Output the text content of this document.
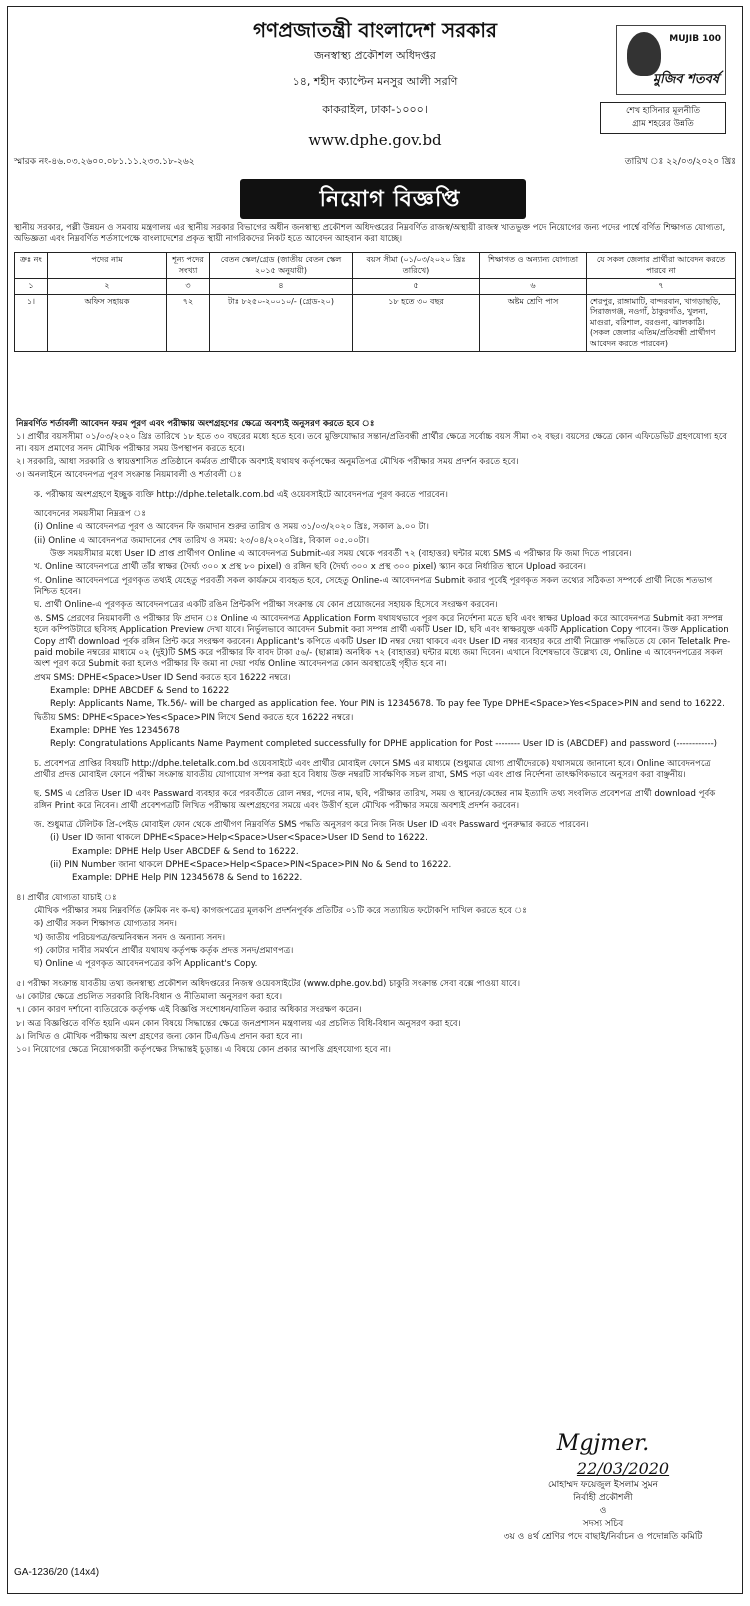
গণপ্রজাতন্ত্রী বাংলাদেশ সরকার
জনস্বাস্থ্য প্রকৌশল অধিদপ্তর
১৪, শহীদ ক্যাপ্টেন মনসুর আলী সরণি
কাকরাইল, ঢাকা-১০০০।
www.dphe.gov.bd
MUJIB 100
মুজিব শতবর্ষ
শেখ হাসিনার মূলনীতি
গ্রাম শহরের উন্নতি
স্মারক নং-৪৬.০৩.২৬০০.০৮১.১১.২৩৩.১৮-২৬২	তারিখ ঃ ২২/০৩/২০২০ খ্রিঃ
নিয়োগ বিজ্ঞপ্তি
স্থানীয় সরকার, পল্লী উন্নয়ন ও সমবায় মন্ত্রণালয় এর স্থানীয় সরকার বিভাগের অধীন জনস্বাস্থ্য প্রকৌশল অধিদপ্তরের নিম্নবর্ণিত রাজস্ব/অস্থায়ী রাজস্ব খাতভুক্ত পদে নিয়োগের জন্য পদের পার্শ্বে বর্ণিত শিক্ষাগত যোগ্যতা, অভিজ্ঞতা এবং নিম্নবর্ণিত শর্তসাপেক্ষে বাংলাদেশের প্রকৃত স্থায়ী নাগরিকদের নিকট হতে আবেদন আহবান করা যাচ্ছে।
ক্রঃ নং	পদের নাম	শূন্য পদের সংখ্যা	বেতন স্কেল/গ্রেড (জাতীয় বেতন স্কেল ২০১৫ অনুযায়ী)	বয়স সীমা (০১/০৩/২০২০ খ্রিঃ তারিখে)	শিক্ষাগত ও অন্যান্য যোগ্যতা	যে সকল জেলার প্রার্থীরা আবেদন করতে পারবে না
১	২	৩	৪	৫	৬	৭
১।	অফিস সহায়ক	৭২	টাঃ ৮২৫০-২০০১০/- (গ্রেড-২০)	১৮ হতে ৩০ বছর	অষ্টম শ্রেণি পাস	শেরপুর, রাঙ্গামাটি, বান্দরবান, খাগড়াছড়ি, সিরাজগঞ্জ, নওগাঁ, ঠাকুরগাঁও, খুলনা, মাগুরা, বরিশাল, বরগুনা, ঝালকাঠি।
(সকল জেলার এতিম/প্রতিবন্ধী প্রার্থীগণ আবেদন করতে পারবেন)

নিম্নবর্ণিত শর্তাবলী আবেদন ফরম পূরণ এবং পরীক্ষায় অংশগ্রহণের ক্ষেত্রে অবশ্যই অনুসরণ করতে হবে ঃ

১। প্রার্থীর বয়সসীমা ০১/০৩/২০২০ খ্রিঃ তারিখে ১৮ হতে ৩০ বছরের মধ্যে হতে হবে। তবে মুক্তিযোদ্ধার সন্তান/প্রতিবন্ধী প্রার্থীর ক্ষেত্রে সর্বোচ্চ বয়স সীমা ৩২ বছর। বয়সের ক্ষেত্রে কোন এফিডেভিট গ্রহণযোগ্য হবে না। বয়স প্রমাণের সনদ মৌখিক পরীক্ষার সময় উপস্থাপন করতে হবে।

২। সরকারি, আধা সরকারি ও স্বায়ত্তশাসিত প্রতিষ্ঠানে কর্মরত প্রার্থীকে অবশ্যই যথাযথ কর্তৃপক্ষের অনুমতিপত্র মৌখিক পরীক্ষার সময় প্রদর্শন করতে হবে।

৩। অনলাইনে আবেদনপত্র পূরণ সংক্রান্ত নিয়মাবলী ও শর্তাবলী ঃ

ক. পরীক্ষায় অংশগ্রহণে ইচ্ছুক ব্যক্তি http://dphe.teletalk.com.bd এই ওয়েবসাইটে আবেদনপত্র পূরণ করতে পারবেন।

আবেদনের সময়সীমা নিম্নরূপ ঃ

(i) Online এ আবেদনপত্র পূরণ ও আবেদন ফি জমাদান শুরুর তারিখ ও সময় ৩১/০৩/২০২০ খ্রিঃ, সকাল ৯.০০ টা।

(ii) Online এ আবেদনপত্র জমাদানের শেষ তারিখ ও সময়: ২৩/০৪/২০২০খ্রিঃ, বিকাল ০৫.০০টা।

উক্ত সময়সীমার মধ্যে User ID প্রাপ্ত প্রার্থীগণ Online এ আবেদনপত্র Submit-এর সময় থেকে পরবর্তী ৭২ (বাহাত্তর) ঘন্টার মধ্যে SMS এ পরীক্ষার ফি জমা দিতে পারবেন।

খ. Online আবেদনপত্রে প্রার্থী তাঁর স্বাক্ষর (দৈর্ঘ্য ৩০০ x প্রস্থ ৮০ pixel) ও রঙ্গিন ছবি (দৈর্ঘ্য ৩০০ x প্রস্থ ৩০০ pixel) স্ক্যান করে নির্ধারিত স্থানে Upload করবেন।

গ. Online আবেদনপত্রে পূরণকৃত তথ্যই যেহেতু পরবর্তী সকল কার্যক্রমে ব্যবহৃত হবে, সেহেতু Online-এ আবেদনপত্র Submit করার পূর্বেই পূরণকৃত সকল তথ্যের সঠিকতা সম্পর্কে প্রার্থী নিজে শতভাগ নিশ্চিত হবেন।

ঘ. প্রার্থী Online-এ পূরণকৃত আবেদনপত্রের একটি রঙিন প্রিন্টকপি পরীক্ষা সংক্রান্ত যে কোন প্রয়োজনের সহায়ক হিসেবে সংরক্ষণ করবেন।

ঙ. SMS প্রেরণের নিয়মাবলী ও পরীক্ষার ফি প্রদান ঃ Online এ আবেদনপত্র Application Form যথাযথভাবে পূরণ করে নির্দেশনা মতে ছবি এবং স্বাক্ষর Upload করে আবেদনপত্র Submit করা সম্পন্ন হলে কম্পিউটারে ছবিসহ Application Preview দেখা যাবে। নির্ভুলভাবে আবেদন Submit করা সম্পন্ন প্রার্থী একটি User ID, ছবি এবং স্বাক্ষরযুক্ত একটি Application Copy পাবেন। উক্ত Application Copy প্রার্থী download পূর্বক রঙ্গিন প্রিন্ট করে সংরক্ষণ করবেন। Applicant's কপিতে একটি User ID নম্বর দেয়া থাকবে এবং User ID নম্বর ব্যবহার করে প্রার্থী নিম্নোক্ত পদ্ধতিতে যে কোন Teletalk Pre-paid mobile নম্বরের মাধ্যমে ০২ (দুই)টি SMS করে পরীক্ষার ফি বাবদ টাকা ৫৬/- (ছাপ্পান্ন) অনধিক ৭২ (বাহাত্তর) ঘন্টার মধ্যে জমা দিবেন। এখানে বিশেষভাবে উল্লেখ্য যে, Online এ আবেদনপত্রের সকল অংশ পূরণ করে Submit করা হলেও পরীক্ষার ফি জমা না দেয়া পর্যন্ত Online আবেদনপত্র কোন অবস্থাতেই গৃহীত হবে না।

প্রথম SMS: DPHE<Space>User ID Send করতে হবে 16222 নম্বরে।

Example: DPHE ABCDEF & Send to 16222

Reply: Applicants Name, Tk.56/- will be charged as application fee. Your PIN is 12345678. To pay fee Type DPHE<Space>Yes<Space>PIN and send to 16222.

দ্বিতীয় SMS: DPHE<Space>Yes<Space>PIN লিখে Send করতে হবে 16222 নম্বরে।

Example: DPHE Yes 12345678

Reply: Congratulations Applicants Name Payment completed successfully for DPHE application for Post -------- User ID is (ABCDEF) and password (------------)

চ. প্রবেশপত্র প্রাপ্তির বিষয়টি http://dphe.teletalk.com.bd ওয়েবসাইটে এবং প্রার্থীর মোবাইল ফোনে SMS এর মাধ্যমে (শুধুমাত্র যোগ্য প্রার্থীদেরকে) যথাসময়ে জানানো হবে। Online আবেদনপত্রে প্রার্থীর প্রদত্ত মোবাইল ফোনে পরীক্ষা সংক্রান্ত যাবতীয় যোগাযোগ সম্পন্ন করা হবে বিধায় উক্ত নম্বরটি সার্বক্ষণিক সচল রাখা, SMS পড়া এবং প্রাপ্ত নির্দেশনা তাৎক্ষণিকভাবে অনুসরণ করা বাঞ্ছনীয়।

ছ. SMS এ প্রেরিত User ID এবং Passward ব্যবহার করে পরবর্তীতে রোল নম্বর, পদের নাম, ছবি, পরীক্ষার তারিখ, সময় ও স্থানের/কেন্দ্রের নাম ইত্যাদি তথ্য সংবলিত প্রবেশপত্র প্রার্থী download পূর্বক রঙ্গিন Print করে নিবেন। প্রার্থী প্রবেশপত্রটি লিখিত পরীক্ষায় অংশগ্রহণের সময়ে এবং উত্তীর্ণ হলে মৌখিক পরীক্ষার সময়ে অবশ্যই প্রদর্শন করবেন।

জ. শুধুমাত্র টেলিটক প্রি-পেইড মোবাইল ফোন থেকে প্রার্থীগণ নিম্নবর্ণিত SMS পদ্ধতি অনুসরণ করে নিজ নিজ User ID এবং Passward পুনরুদ্ধার করতে পারবেন।

(i) User ID জানা থাকলে DPHE<Space>Help<Space>User<Space>User ID Send to 16222.

Example: DPHE Help User ABCDEF & Send to 16222.

(ii) PIN Number জানা থাকলে DPHE<Space>Help<Space>PIN<Space>PIN No & Send to 16222.

Example: DPHE Help PIN 12345678 & Send to 16222.

৪। প্রার্থীর যোগ্যতা যাচাই ঃ

মৌখিক পরীক্ষার সময় নিম্নবর্ণিত (ক্রমিক নং ক-ঘ) কাগজপত্রের মূলকপি প্রদর্শনপূর্বক প্রতিটির ০১টি করে সত্যায়িত ফটোকপি দাখিল করতে হবে ঃ

ক) প্রার্থীর সকল শিক্ষাগত যোগ্যতার সনদ।

খ) জাতীয় পরিচয়পত্র/জন্মনিবন্ধন সনদ ও অন্যান্য সনদ।

গ) কোটার দাবীর সমর্থনে প্রার্থীর যথাযথ কর্তৃপক্ষ কর্তৃক প্রদত্ত সনদ/প্রমাণপত্র।

ঘ) Online এ পূরণকৃত আবেদনপত্রের কপি Applicant's Copy.

৫। পরীক্ষা সংক্রান্ত যাবতীয় তথ্য জনস্বাস্থ্য প্রকৌশল অধিদপ্তরের নিজস্ব ওয়েবসাইটের (www.dphe.gov.bd) চাকুরি সংক্রান্ত সেবা বক্সে পাওয়া যাবে।

৬। কোটার ক্ষেত্রে প্রচলিত সরকারি বিধি-বিধান ও নীতিমালা অনুসরণ করা হবে।

৭। কোন কারণ দর্শানো ব্যতিরেকে কর্তৃপক্ষ এই বিজ্ঞপ্তি সংশোধন/বাতিল করার অধিকার সংরক্ষণ করেন।

৮। অত্র বিজ্ঞপ্তিতে বর্ণিত হয়নি এমন কোন বিষয়ে সিদ্ধান্তের ক্ষেত্রে জনপ্রশাসন মন্ত্রণালয় এর প্রচলিত বিধি-বিধান অনুসরণ করা হবে।

৯। লিখিত ও মৌখিক পরীক্ষায় অংশ গ্রহণের জন্য কোন টিএ/ডিএ প্রদান করা হবে না।

১০। নিয়োগের ক্ষেত্রে নিয়োগকারী কর্তৃপক্ষের সিদ্ধান্তই চূড়ান্ত। এ বিষয়ে কোন প্রকার আপত্তি গ্রহণযোগ্য হবে না।

Mgjmer.
22/03/2020
মোহাম্মদ ফয়েজুল ইসলাম সুমন
নির্বাহী প্রকৌশলী
ও
সদস্য সচিব
৩য় ও ৪র্থ শ্রেণির পদে বাছাই/নির্বাচন ও পদোন্নতি কমিটি
GA-1236/20 (14x4)
